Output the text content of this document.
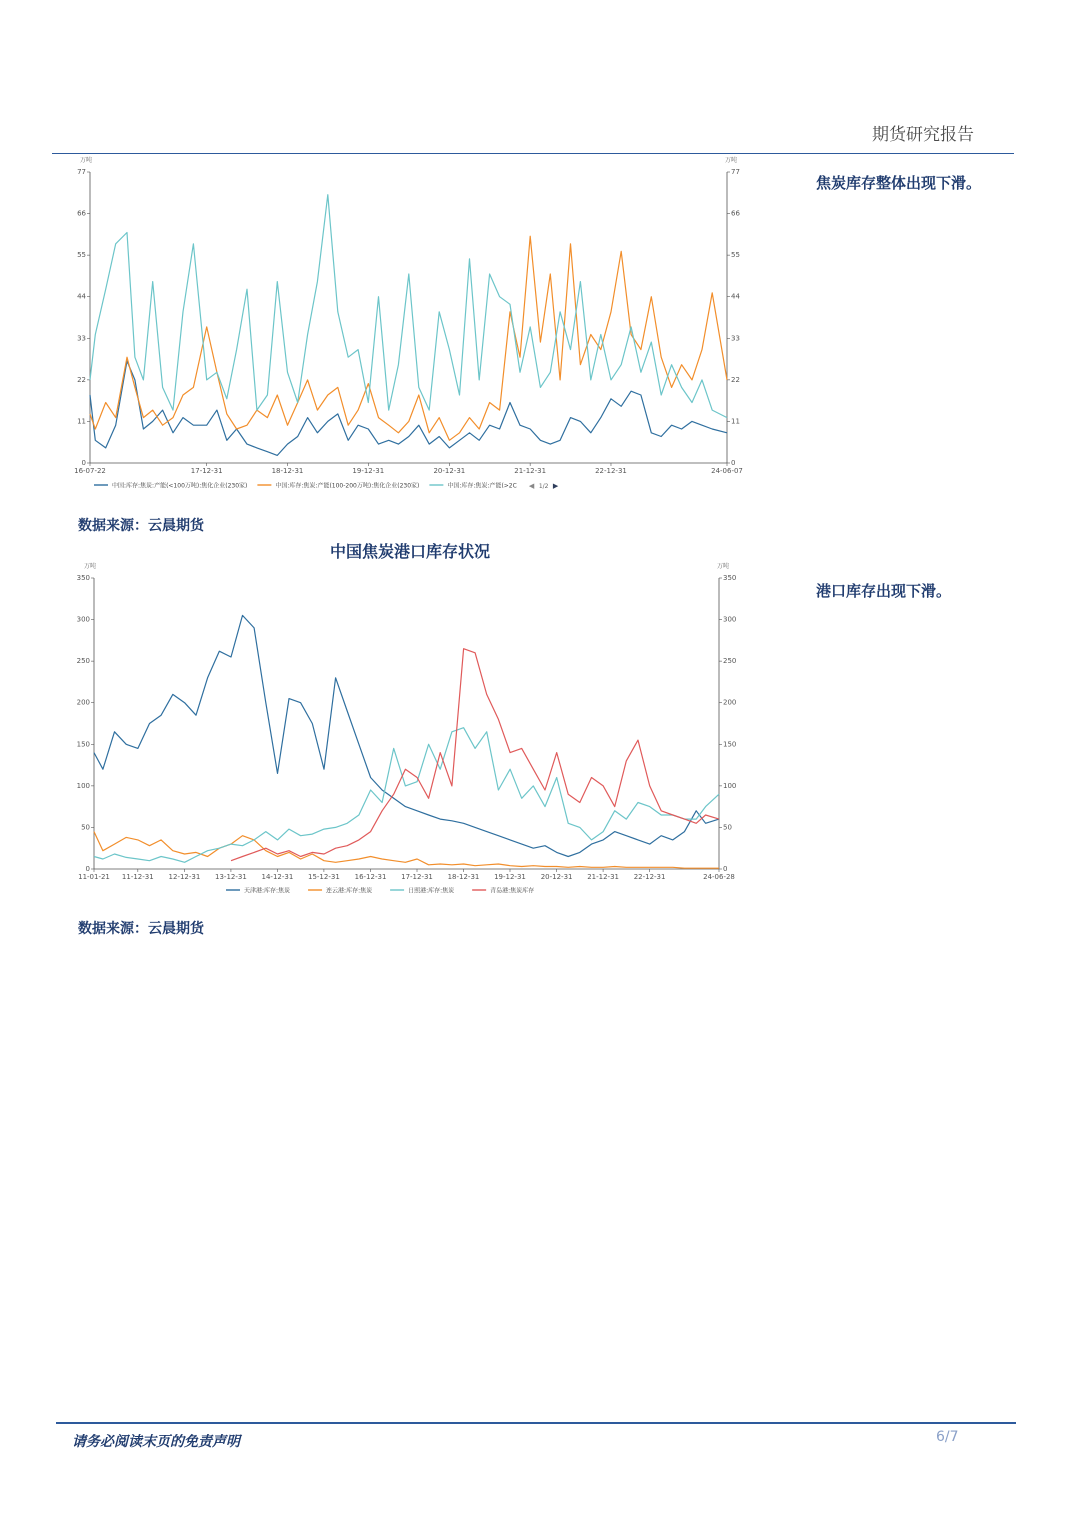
期货研究报告
万吨	万吨
0	0
11	11
22	22
33	33
44	44
55	55
66	66
77	77
16-07-22	17-12-31	18-12-31	19-12-31	20-12-31	21-12-31	22-12-31	24-06-07
中国:库存:焦炭:产能(<100万吨):焦化企业(230家)	中国:库存:焦炭:产能(100-200万吨):焦化企业(230家)	中国:库存:焦炭:产能(>2C ◀ 1/2 ▶
焦炭库存整体出现下滑。
数据来源：云晨期货
中国焦炭港口库存状况
万吨	万吨
0	0
50	50
100	100
150	150
200	200
250	250
300	300
350	350
11-01-21 11-12-31 12-12-31 13-12-31 14-12-31 15-12-31 16-12-31 17-12-31 18-12-31 19-12-31 20-12-31 21-12-31 22-12-31	24-06-28
天津港:库存:焦炭	连云港:库存:焦炭	日照港:库存:焦炭	青岛港:焦炭库存
港口库存出现下滑。
数据来源：云晨期货
请务必阅读末页的免责声明	6/7
